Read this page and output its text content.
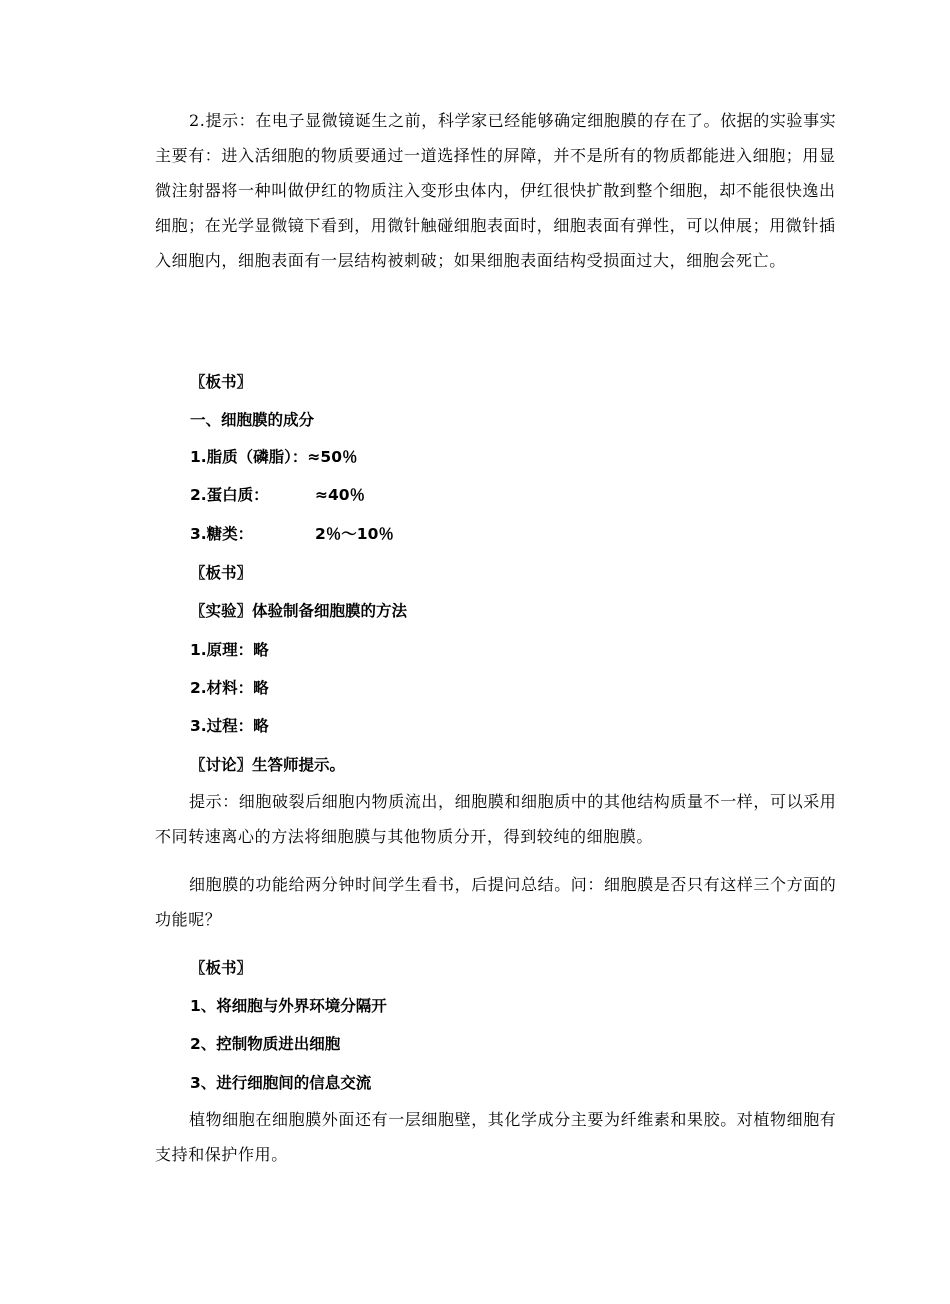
2.提示：在电子显微镜诞生之前，科学家已经能够确定细胞膜的存在了。依据的实验事实主要有：进入活细胞的物质要通过一道选择性的屏障，并不是所有的物质都能进入细胞；用显微注射器将一种叫做伊红的物质注入变形虫体内，伊红很快扩散到整个细胞，却不能很快逸出细胞；在光学显微镜下看到，用微针触碰细胞表面时，细胞表面有弹性，可以伸展；用微针插入细胞内，细胞表面有一层结构被刺破；如果细胞表面结构受损面过大，细胞会死亡。

〖板书〗

一、细胞膜的成分

1.脂质（磷脂）：≈50％

2.蛋白质：	≈40％
3.糖类：	2％～10％

〖板书〗

〖实验〗体验制备细胞膜的方法

1.原理：略

2.材料：略

3.过程：略

〖讨论〗生答师提示。

提示：细胞破裂后细胞内物质流出，细胞膜和细胞质中的其他结构质量不一样，可以采用不同转速离心的方法将细胞膜与其他物质分开，得到较纯的细胞膜。

细胞膜的功能给两分钟时间学生看书，后提问总结。问：细胞膜是否只有这样三个方面的功能呢？

〖板书〗

1、将细胞与外界环境分隔开

2、控制物质进出细胞

3、进行细胞间的信息交流

植物细胞在细胞膜外面还有一层细胞壁，其化学成分主要为纤维素和果胶。对植物细胞有支持和保护作用。
